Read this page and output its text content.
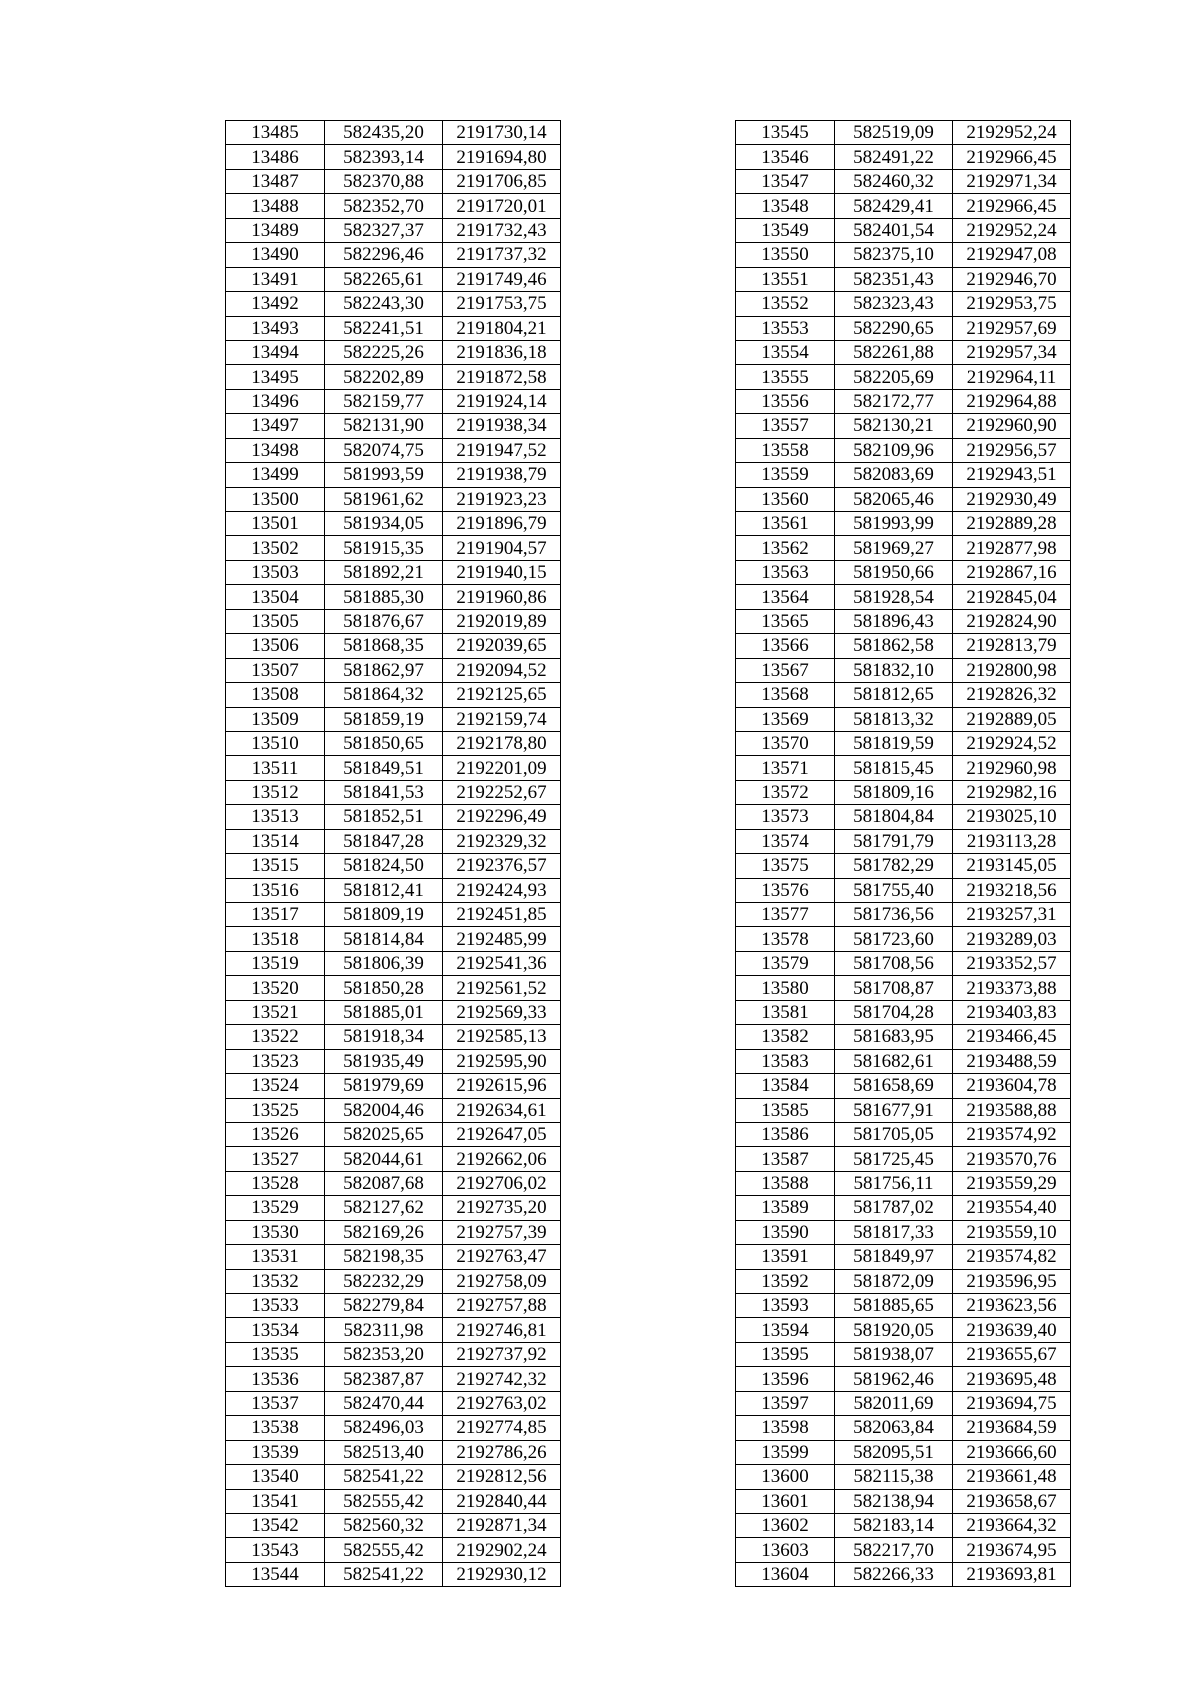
13485	582435,20	2191730,14
13486	582393,14	2191694,80
13487	582370,88	2191706,85
13488	582352,70	2191720,01
13489	582327,37	2191732,43
13490	582296,46	2191737,32
13491	582265,61	2191749,46
13492	582243,30	2191753,75
13493	582241,51	2191804,21
13494	582225,26	2191836,18
13495	582202,89	2191872,58
13496	582159,77	2191924,14
13497	582131,90	2191938,34
13498	582074,75	2191947,52
13499	581993,59	2191938,79
13500	581961,62	2191923,23
13501	581934,05	2191896,79
13502	581915,35	2191904,57
13503	581892,21	2191940,15
13504	581885,30	2191960,86
13505	581876,67	2192019,89
13506	581868,35	2192039,65
13507	581862,97	2192094,52
13508	581864,32	2192125,65
13509	581859,19	2192159,74
13510	581850,65	2192178,80
13511	581849,51	2192201,09
13512	581841,53	2192252,67
13513	581852,51	2192296,49
13514	581847,28	2192329,32
13515	581824,50	2192376,57
13516	581812,41	2192424,93
13517	581809,19	2192451,85
13518	581814,84	2192485,99
13519	581806,39	2192541,36
13520	581850,28	2192561,52
13521	581885,01	2192569,33
13522	581918,34	2192585,13
13523	581935,49	2192595,90
13524	581979,69	2192615,96
13525	582004,46	2192634,61
13526	582025,65	2192647,05
13527	582044,61	2192662,06
13528	582087,68	2192706,02
13529	582127,62	2192735,20
13530	582169,26	2192757,39
13531	582198,35	2192763,47
13532	582232,29	2192758,09
13533	582279,84	2192757,88
13534	582311,98	2192746,81
13535	582353,20	2192737,92
13536	582387,87	2192742,32
13537	582470,44	2192763,02
13538	582496,03	2192774,85
13539	582513,40	2192786,26
13540	582541,22	2192812,56
13541	582555,42	2192840,44
13542	582560,32	2192871,34
13543	582555,42	2192902,24
13544	582541,22	2192930,12
13545	582519,09	2192952,24
13546	582491,22	2192966,45
13547	582460,32	2192971,34
13548	582429,41	2192966,45
13549	582401,54	2192952,24
13550	582375,10	2192947,08
13551	582351,43	2192946,70
13552	582323,43	2192953,75
13553	582290,65	2192957,69
13554	582261,88	2192957,34
13555	582205,69	2192964,11
13556	582172,77	2192964,88
13557	582130,21	2192960,90
13558	582109,96	2192956,57
13559	582083,69	2192943,51
13560	582065,46	2192930,49
13561	581993,99	2192889,28
13562	581969,27	2192877,98
13563	581950,66	2192867,16
13564	581928,54	2192845,04
13565	581896,43	2192824,90
13566	581862,58	2192813,79
13567	581832,10	2192800,98
13568	581812,65	2192826,32
13569	581813,32	2192889,05
13570	581819,59	2192924,52
13571	581815,45	2192960,98
13572	581809,16	2192982,16
13573	581804,84	2193025,10
13574	581791,79	2193113,28
13575	581782,29	2193145,05
13576	581755,40	2193218,56
13577	581736,56	2193257,31
13578	581723,60	2193289,03
13579	581708,56	2193352,57
13580	581708,87	2193373,88
13581	581704,28	2193403,83
13582	581683,95	2193466,45
13583	581682,61	2193488,59
13584	581658,69	2193604,78
13585	581677,91	2193588,88
13586	581705,05	2193574,92
13587	581725,45	2193570,76
13588	581756,11	2193559,29
13589	581787,02	2193554,40
13590	581817,33	2193559,10
13591	581849,97	2193574,82
13592	581872,09	2193596,95
13593	581885,65	2193623,56
13594	581920,05	2193639,40
13595	581938,07	2193655,67
13596	581962,46	2193695,48
13597	582011,69	2193694,75
13598	582063,84	2193684,59
13599	582095,51	2193666,60
13600	582115,38	2193661,48
13601	582138,94	2193658,67
13602	582183,14	2193664,32
13603	582217,70	2193674,95
13604	582266,33	2193693,81
